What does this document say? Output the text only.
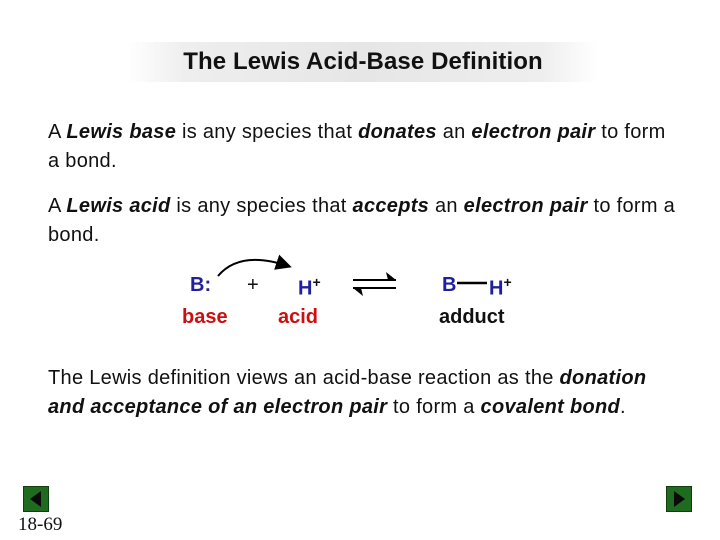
The Lewis Acid-Base Definition

A Lewis base is any species that donates an electron pair to form a bond.

A Lewis acid is any species that accepts an electron pair to form a bond.

B: + H+	B H+
base	acid	adduct

The Lewis definition views an acid-base reaction as the donation and acceptance of an electron pair to form a covalent bond.

18-69
